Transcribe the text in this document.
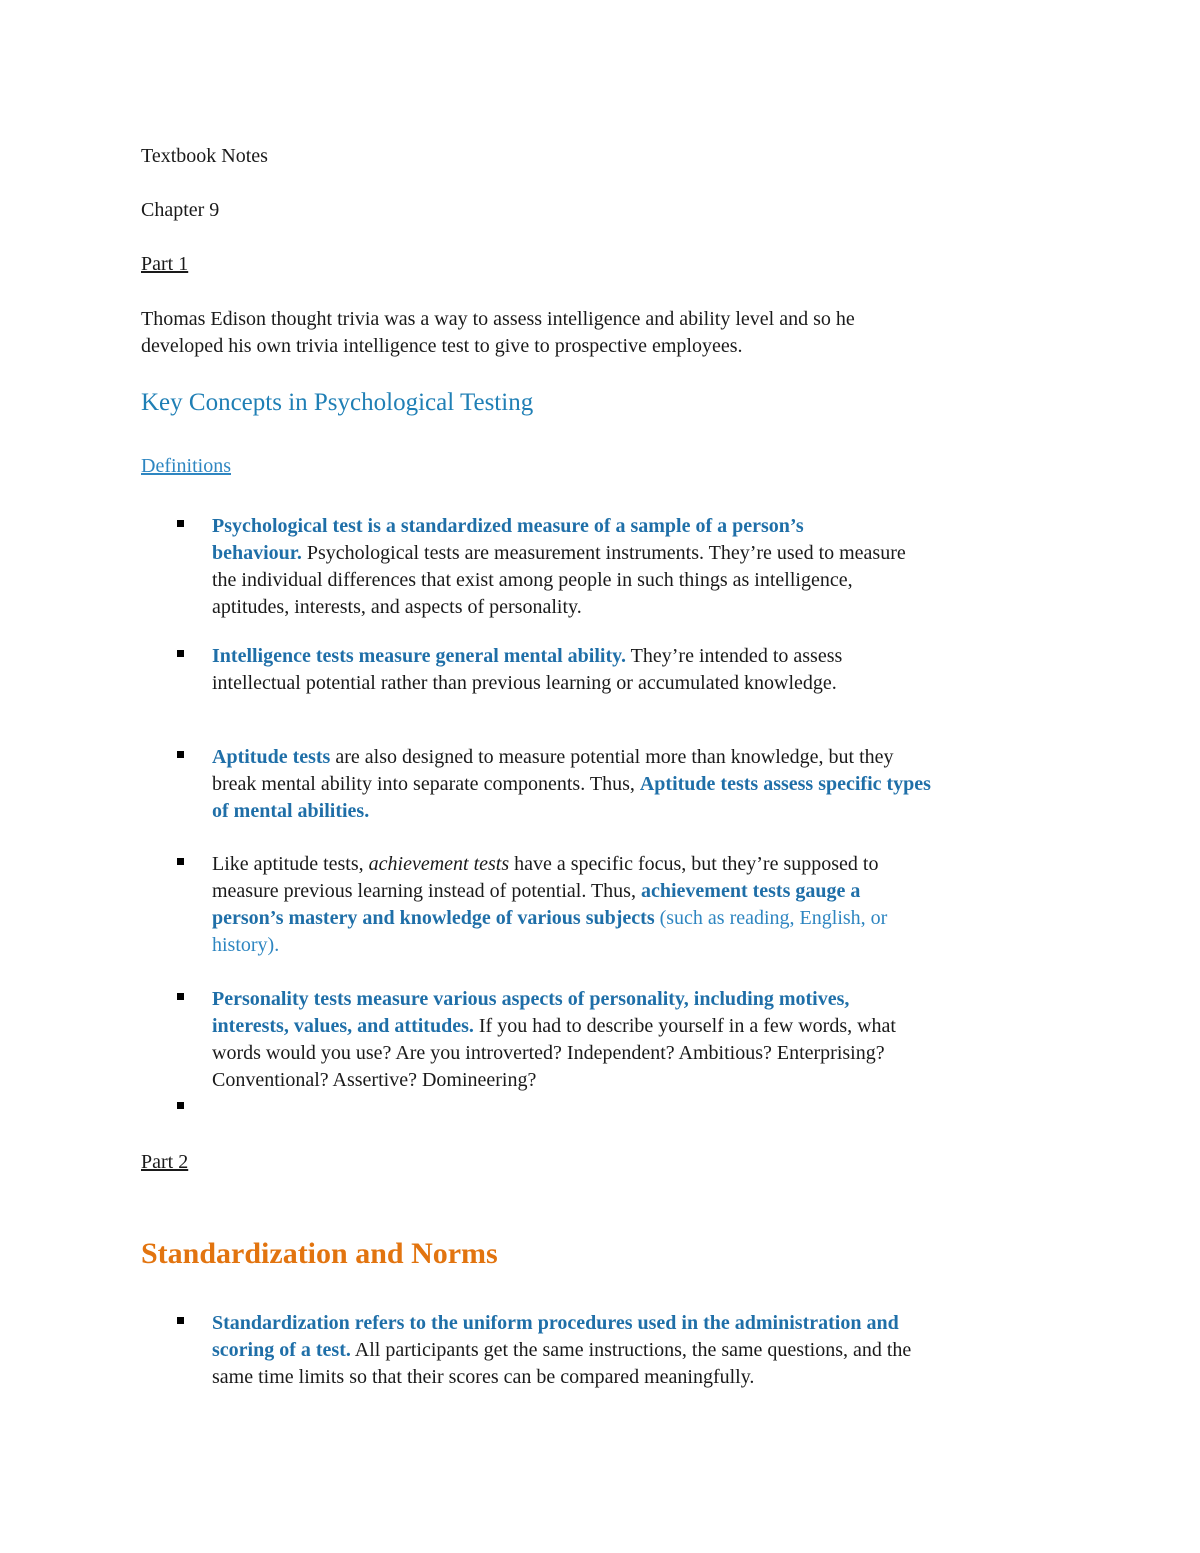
Textbook Notes

Chapter 9

Part 1

Thomas Edison thought trivia was a way to assess intelligence and ability level and so he

developed his own trivia intelligence test to give to prospective employees.

Key Concepts in Psychological Testing

Definitions

Psychological test is a standardized measure of a sample of a person’s
behaviour. Psychological tests are measurement instruments. They’re used to measure
the individual differences that exist among people in such things as intelligence,
aptitudes, interests, and aspects of personality.
Intelligence tests measure general mental ability. They’re intended to assess
intellectual potential rather than previous learning or accumulated knowledge.
Aptitude tests are also designed to measure potential more than knowledge, but they
break mental ability into separate components. Thus, Aptitude tests assess specific types
of mental abilities.
Like aptitude tests, achievement tests have a specific focus, but they’re supposed to
measure previous learning instead of potential. Thus, achievement tests gauge a
person’s mastery and knowledge of various subjects (such as reading, English, or
history).
Personality tests measure various aspects of personality, including motives,
interests, values, and attitudes. If you had to describe yourself in a few words, what
words would you use? Are you introverted? Independent? Ambitious? Enterprising?
Conventional? Assertive? Domineering?

Part 2

Standardization and Norms

Standardization refers to the uniform procedures used in the administration and
scoring of a test. All participants get the same instructions, the same questions, and the
same time limits so that their scores can be compared meaningfully.
